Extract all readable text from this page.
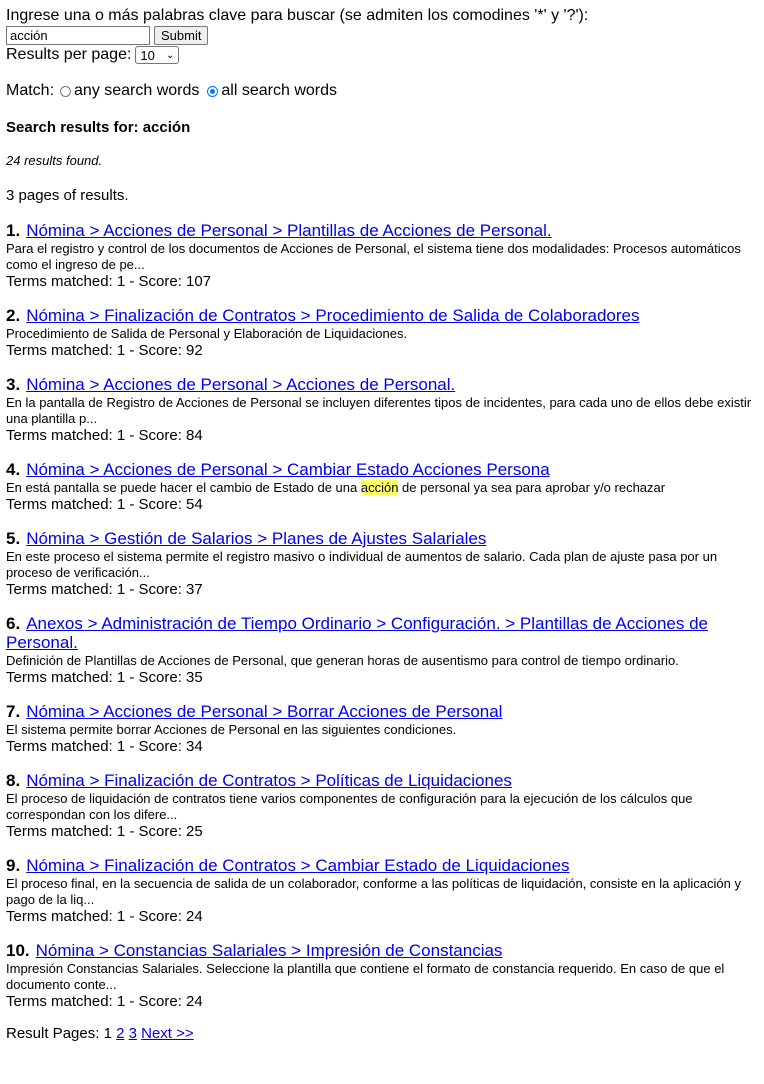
Ingrese una o más palabras clave para buscar (se admiten los comodines '*' y '?'):
acción
Submit
Results per page: 10 ⌄
Match: any search words all search words
Search results for: acción
24 results found.
3 pages of results.
1. Nómina > Acciones de Personal > Plantillas de Acciones de Personal.
Para el registro y control de los documentos de Acciones de Personal, el sistema tiene dos modalidades: Procesos automáticos como el ingreso de pe...
Terms matched: 1 - Score: 107
2. Nómina > Finalización de Contratos > Procedimiento de Salida de Colaboradores
Procedimiento de Salida de Personal y Elaboración de Liquidaciones.
Terms matched: 1 - Score: 92
3. Nómina > Acciones de Personal > Acciones de Personal.
En la pantalla de Registro de Acciones de Personal se incluyen diferentes tipos de incidentes, para cada uno de ellos debe existir una plantilla p...
Terms matched: 1 - Score: 84
4. Nómina > Acciones de Personal > Cambiar Estado Acciones Persona
En está pantalla se puede hacer el cambio de Estado de una acción de personal ya sea para aprobar y/o rechazar
Terms matched: 1 - Score: 54
5. Nómina > Gestión de Salarios > Planes de Ajustes Salariales
En este proceso el sistema permite el registro masivo o individual de aumentos de salario. Cada plan de ajuste pasa por un proceso de verificación...
Terms matched: 1 - Score: 37
6. Anexos > Administración de Tiempo Ordinario > Configuración. > Plantillas de Acciones de Personal.
Definición de Plantillas de Acciones de Personal, que generan horas de ausentismo para control de tiempo ordinario.
Terms matched: 1 - Score: 35
7. Nómina > Acciones de Personal > Borrar Acciones de Personal
El sistema permite borrar Acciones de Personal en las siguientes condiciones.
Terms matched: 1 - Score: 34
8. Nómina > Finalización de Contratos > Políticas de Liquidaciones
El proceso de liquidación de contratos tiene varios componentes de configuración para la ejecución de los cálculos que correspondan con los difere...
Terms matched: 1 - Score: 25
9. Nómina > Finalización de Contratos > Cambiar Estado de Liquidaciones
El proceso final, en la secuencia de salida de un colaborador, conforme a las políticas de liquidación, consiste en la aplicación y pago de la liq...
Terms matched: 1 - Score: 24
10. Nómina > Constancias Salariales > Impresión de Constancias
Impresión Constancias Salariales. Seleccione la plantilla que contiene el formato de constancia requerido. En caso de que el documento conte...
Terms matched: 1 - Score: 24
Result Pages: 1 2 3 Next >>
